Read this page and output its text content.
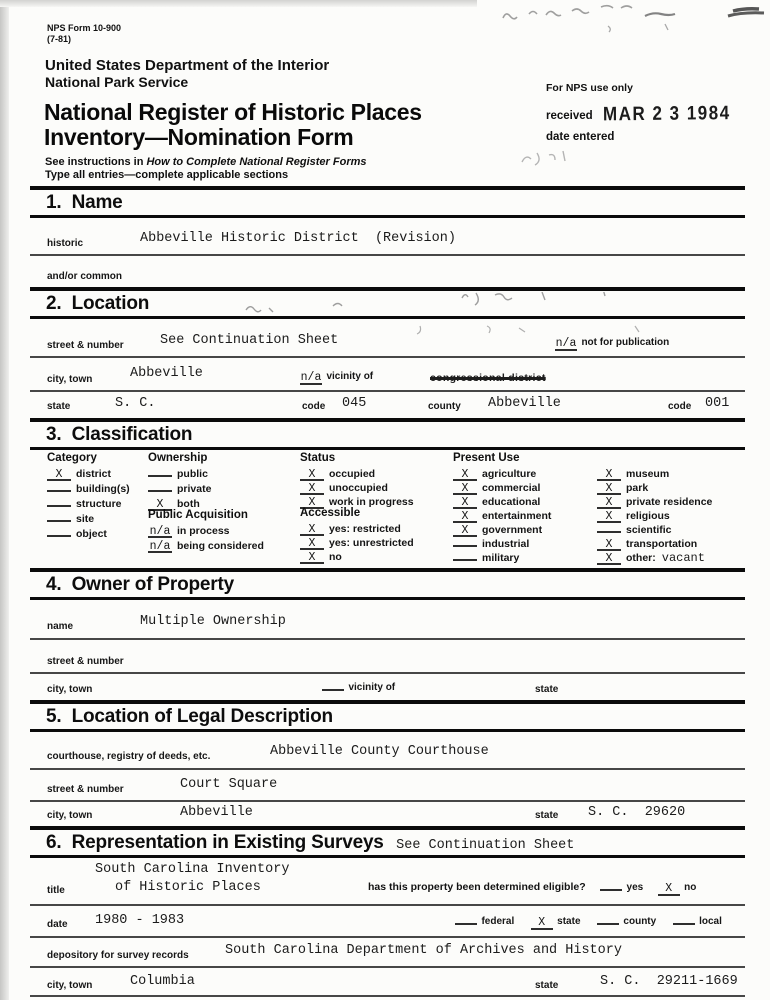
NPS Form 10-900
(7-81)
United States Department of the Interior
National Park Service
National Register of Historic Places
Inventory—Nomination Form
See instructions in How to Complete National Register Forms
Type all entries—complete applicable sections
For NPS use only
received MAR 2 3 1984
date entered
1.  Name
historic	Abbeville Historic District  (Revision)
and/or common
2.  Location
street & number	See Continuation Sheet	n/a not for publication
city, town	Abbeville	n/a vicinity of	congressional district
state	S. C.	code 045	county Abbeville	code 001
3.  Classification
Category
X district
building(s)
structure
site
object
Ownership
public
private
X both
Public Acquisition
n/a in process
n/a being considered
Status
X occupied
X unoccupied
X work in progress
Accessible
X yes: restricted
X yes: unrestricted
X no
Present Use
X agriculture
X commercial
X educational
X entertainment
X government
industrial
military
X museum
X park
X private residence
X religious
scientific
X transportation
X other: vacant
4.  Owner of Property
name	Multiple Ownership
street & number
city, town	vicinity of	state
5.  Location of Legal Description
courthouse, registry of deeds, etc.	Abbeville County Courthouse
street & number	Court Square
city, town	Abbeville	state S. C.  29620
6.  Representation in Existing Surveys See Continuation Sheet
title
South Carolina Inventory
of Historic Places	has this property been determined eligible?	yes X no
date 1980 - 1983	federal X state	county	local
depository for survey records	South Carolina Department of Archives and History
city, town	Columbia	state	S. C.  29211-1669
